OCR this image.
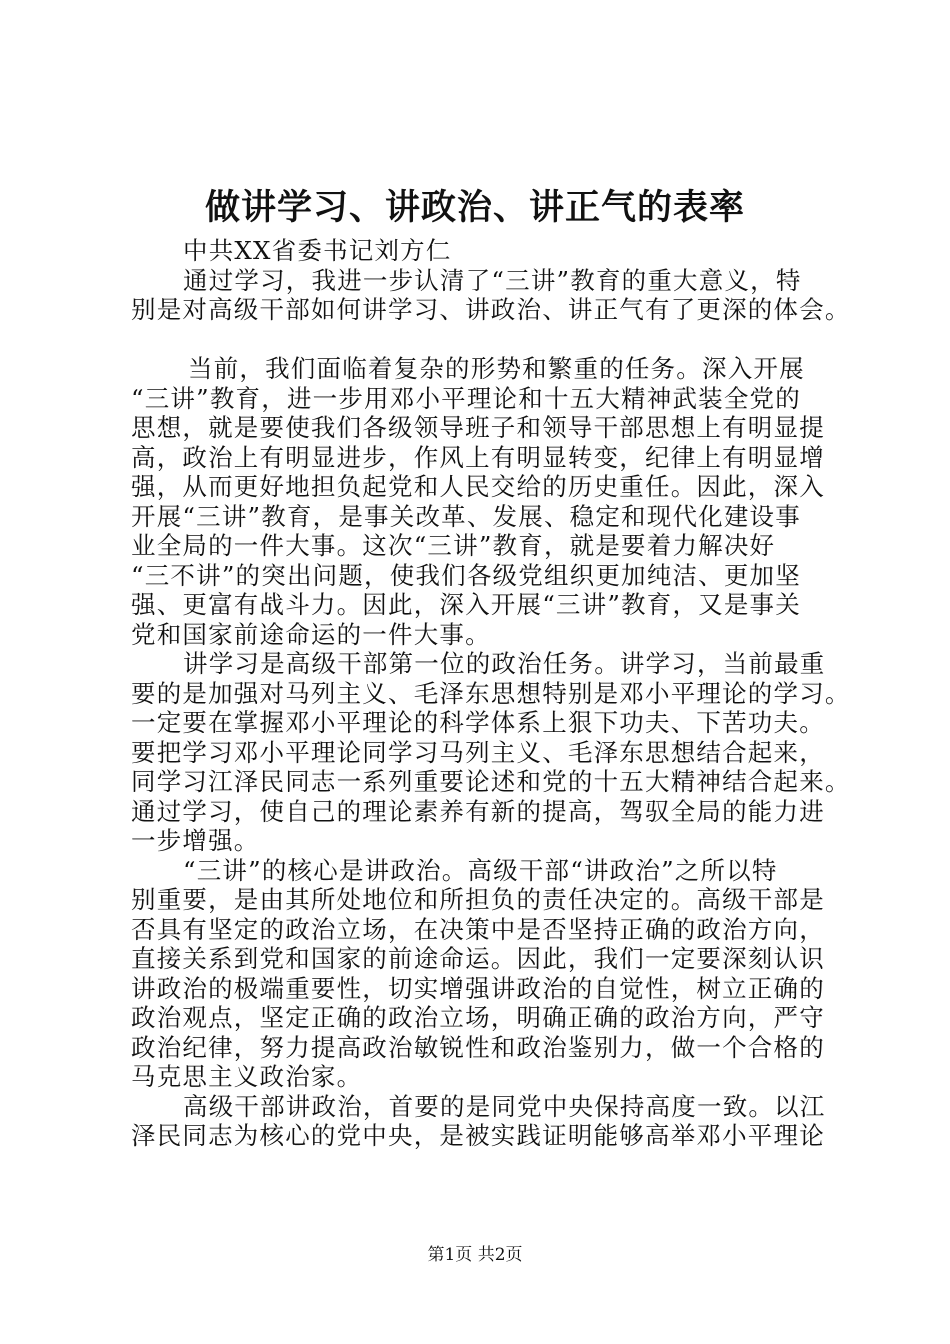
做讲学习、讲政治、讲正气的表率
中共XX省委书记刘方仁
通过学习，我进一步认清了“三讲”教育的重大意义，特
别是对高级干部如何讲学习、讲政治、讲正气有了更深的体会。
当前，我们面临着复杂的形势和繁重的任务。深入开展
“三讲”教育，进一步用邓小平理论和十五大精神武装全党的
思想，就是要使我们各级领导班子和领导干部思想上有明显提
高，政治上有明显进步，作风上有明显转变，纪律上有明显增
强，从而更好地担负起党和人民交给的历史重任。因此，深入
开展“三讲”教育，是事关改革、发展、稳定和现代化建设事
业全局的一件大事。这次“三讲”教育，就是要着力解决好
“三不讲”的突出问题，使我们各级党组织更加纯洁、更加坚
强、更富有战斗力。因此，深入开展“三讲”教育，又是事关
党和国家前途命运的一件大事。
讲学习是高级干部第一位的政治任务。讲学习，当前最重
要的是加强对马列主义、毛泽东思想特别是邓小平理论的学习。
一定要在掌握邓小平理论的科学体系上狠下功夫、下苦功夫。
要把学习邓小平理论同学习马列主义、毛泽东思想结合起来，
同学习江泽民同志一系列重要论述和党的十五大精神结合起来。
通过学习，使自己的理论素养有新的提高，驾驭全局的能力进
一步增强。
“三讲”的核心是讲政治。高级干部“讲政治”之所以特
别重要，是由其所处地位和所担负的责任决定的。高级干部是
否具有坚定的政治立场，在决策中是否坚持正确的政治方向，
直接关系到党和国家的前途命运。因此，我们一定要深刻认识
讲政治的极端重要性，切实增强讲政治的自觉性，树立正确的
政治观点，坚定正确的政治立场，明确正确的政治方向，严守
政治纪律，努力提高政治敏锐性和政治鉴别力，做一个合格的
马克思主义政治家。
高级干部讲政治，首要的是同党中央保持高度一致。以江
泽民同志为核心的党中央，是被实践证明能够高举邓小平理论
第1页 共2页
